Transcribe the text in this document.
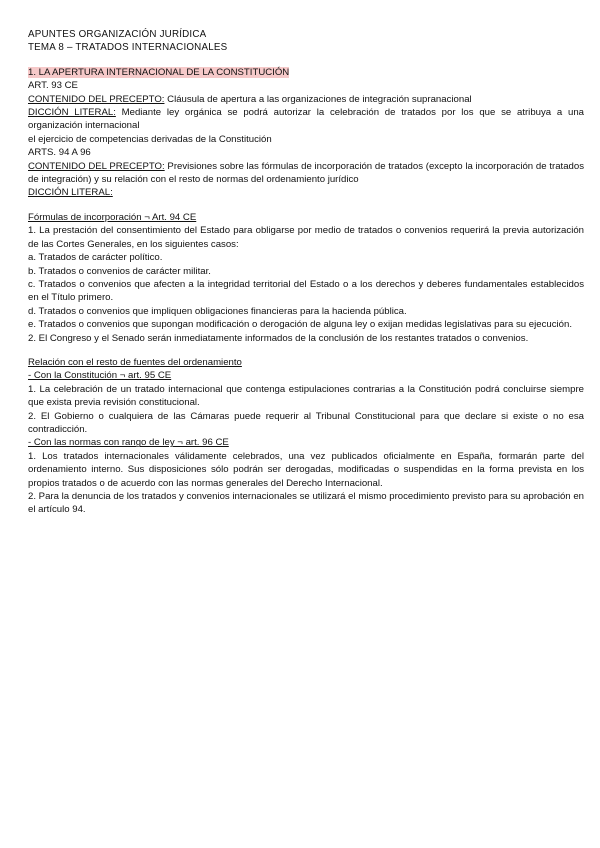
APUNTES ORGANIZACIÓN JURÍDICA

TEMA 8 – TRATADOS INTERNACIONALES

1. LA APERTURA INTERNACIONAL DE LA CONSTITUCIÓN

ART. 93 CE

CONTENIDO DEL PRECEPTO: Cláusula de apertura a las organizaciones de integración supranacional

DICCIÓN LITERAL: Mediante ley orgánica se podrá autorizar la celebración de tratados por los que se atribuya a una organización internacional

el ejercicio de competencias derivadas de la Constitución

ARTS. 94 A 96

CONTENIDO DEL PRECEPTO: Previsiones sobre las fórmulas de incorporación de tratados (excepto la incorporación de tratados de integración) y su relación con el resto de normas del ordenamiento jurídico

DICCIÓN LITERAL:

Fórmulas de incorporación ¬ Art. 94 CE

1. La prestación del consentimiento del Estado para obligarse por medio de tratados o convenios requerirá la previa autorización de las Cortes Generales, en los siguientes casos:

a. Tratados de carácter político.

b. Tratados o convenios de carácter militar.

c. Tratados o convenios que afecten a la integridad territorial del Estado o a los derechos y deberes fundamentales establecidos en el Título primero.

d. Tratados o convenios que impliquen obligaciones financieras para la hacienda pública.

e. Tratados o convenios que supongan modificación o derogación de alguna ley o exijan medidas legislativas para su ejecución.

2. El Congreso y el Senado serán inmediatamente informados de la conclusión de los restantes tratados o convenios.

Relación con el resto de fuentes del ordenamiento

- Con la Constitución ¬ art. 95 CE

1. La celebración de un tratado internacional que contenga estipulaciones contrarias a la Constitución podrá concluirse siempre que exista previa revisión constitucional.

2. El Gobierno o cualquiera de las Cámaras puede requerir al Tribunal Constitucional para que declare si existe o no esa contradicción.

- Con las normas con rango de ley ¬ art. 96 CE

1. Los tratados internacionales válidamente celebrados, una vez publicados oficialmente en España, formarán parte del ordenamiento interno. Sus disposiciones sólo podrán ser derogadas, modificadas o suspendidas en la forma prevista en los propios tratados o de acuerdo con las normas generales del Derecho Internacional.

2. Para la denuncia de los tratados y convenios internacionales se utilizará el mismo procedimiento previsto para su aprobación en el artículo 94.
